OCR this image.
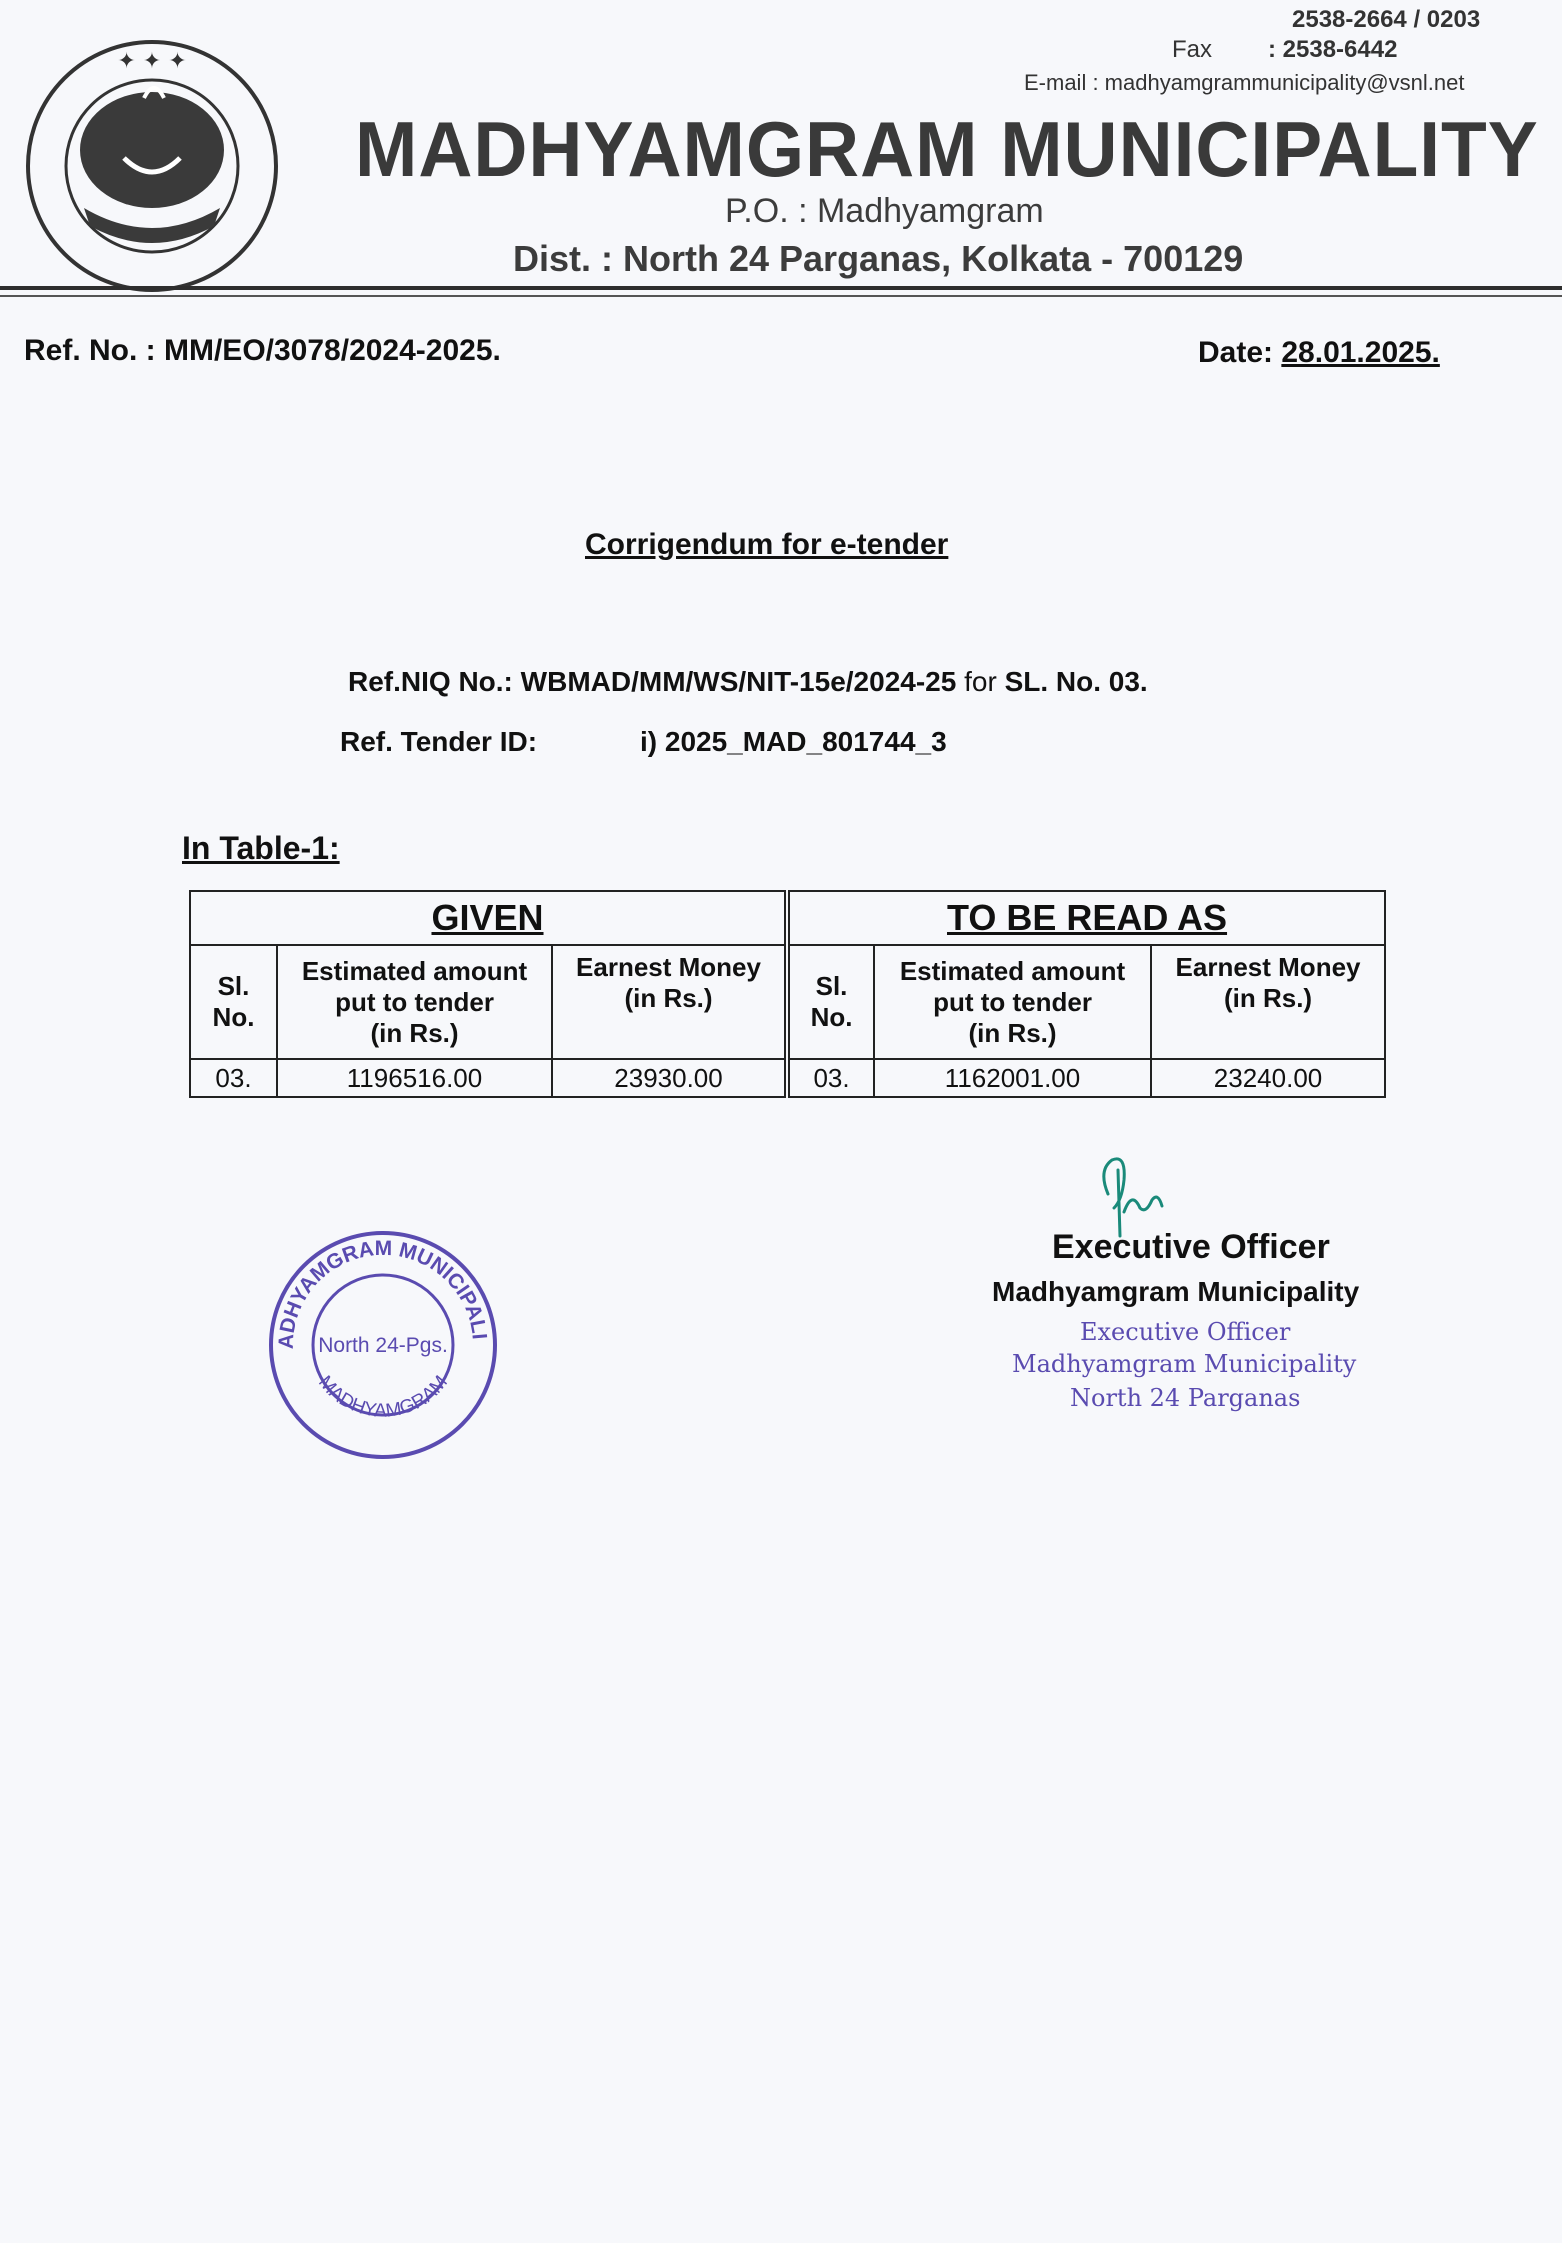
✦ ✦ ✦
2538-2664 / 0203
Fax : 2538-6442
E-mail : madhyamgrammunicipality@vsnl.net
MADHYAMGRAM MUNICIPALITY
P.O. : Madhyamgram
Dist. : North 24 Parganas, Kolkata - 700129
Ref. No. : MM/EO/3078/2024-2025.	Date: 28.01.2025.
Corrigendum for e-tender
Ref.NIQ No.: WBMAD/MM/WS/NIT-15e/2024-25 for SL. No. 03.
Ref. Tender ID:	i) 2025_MAD_801744_3
In Table-1:
GIVEN			TO BE READ AS		
Sl.
No.	Estimated amount
put to tender
(in Rs.)	Earnest Money
(in Rs.)	Sl.
No.	Estimated amount
put to tender
(in Rs.)	Earnest Money
(in Rs.)
03.	1196516.00	23930.00	03.	1162001.00	23240.00
ADHYAMGRAM MUNICIPALI
North 24-Pgs.
MADHYAMGRAM
Executive Officer
Madhyamgram Municipality
Executive Officer
Madhyamgram Municipality
North 24 Parganas
